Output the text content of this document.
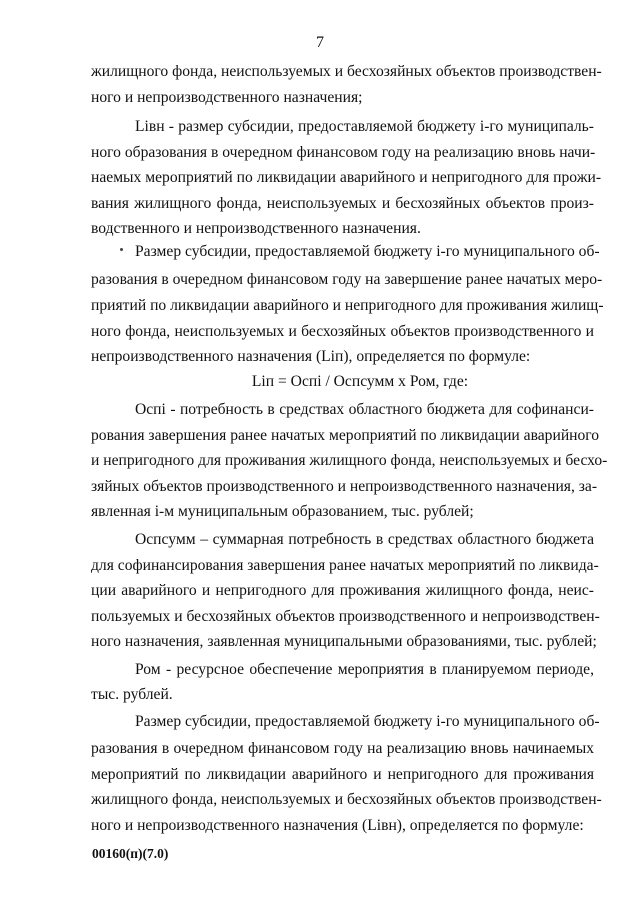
7
жилищного фонда, неиспользуемых и бесхозяйных объектов производствен-
ного и непроизводственного назначения;
Lівн - размер субсидии, предоставляемой бюджету i-го муниципаль-
ного образования в очередном финансовом году на реализацию вновь начи-
наемых мероприятий по ликвидации аварийного и непригодного для прожи-
вания жилищного фонда, неиспользуемых и бесхозяйных объектов произ-
водственного и непроизводственного назначения.
Размер субсидии, предоставляемой бюджету i-го муниципального об-
разования в очередном финансовом году на завершение ранее начатых меро-
приятий по ликвидации аварийного и непригодного для проживания жилищ-
ного фонда, неиспользуемых и бесхозяйных объектов производственного и
непроизводственного назначения (Lіп), определяется по формуле:
Lіп = Оспі / Оспсумм х Ром, где:
Оспі - потребность в средствах областного бюджета для софинанси-
рования завершения ранее начатых мероприятий по ликвидации аварийного
и непригодного для проживания жилищного фонда, неиспользуемых и бесхо-
зяйных объектов производственного и непроизводственного назначения, за-
явленная i-м муниципальным образованием, тыс. рублей;
Оспсумм – суммарная потребность в средствах областного бюджета
для софинансирования завершения ранее начатых мероприятий по ликвида-
ции аварийного и непригодного для проживания жилищного фонда, неис-
пользуемых и бесхозяйных объектов производственного и непроизводствен-
ного назначения, заявленная муниципальными образованиями, тыс. рублей;
Ром - ресурсное обеспечение мероприятия в планируемом периоде,
тыс. рублей.
Размер субсидии, предоставляемой бюджету i-го муниципального об-
разования в очередном финансовом году на реализацию вновь начинаемых
мероприятий по ликвидации аварийного и непригодного для проживания
жилищного фонда, неиспользуемых и бесхозяйных объектов производствен-
ного и непроизводственного назначения (Lівн), определяется по формуле:
00160(п)(7.0)
